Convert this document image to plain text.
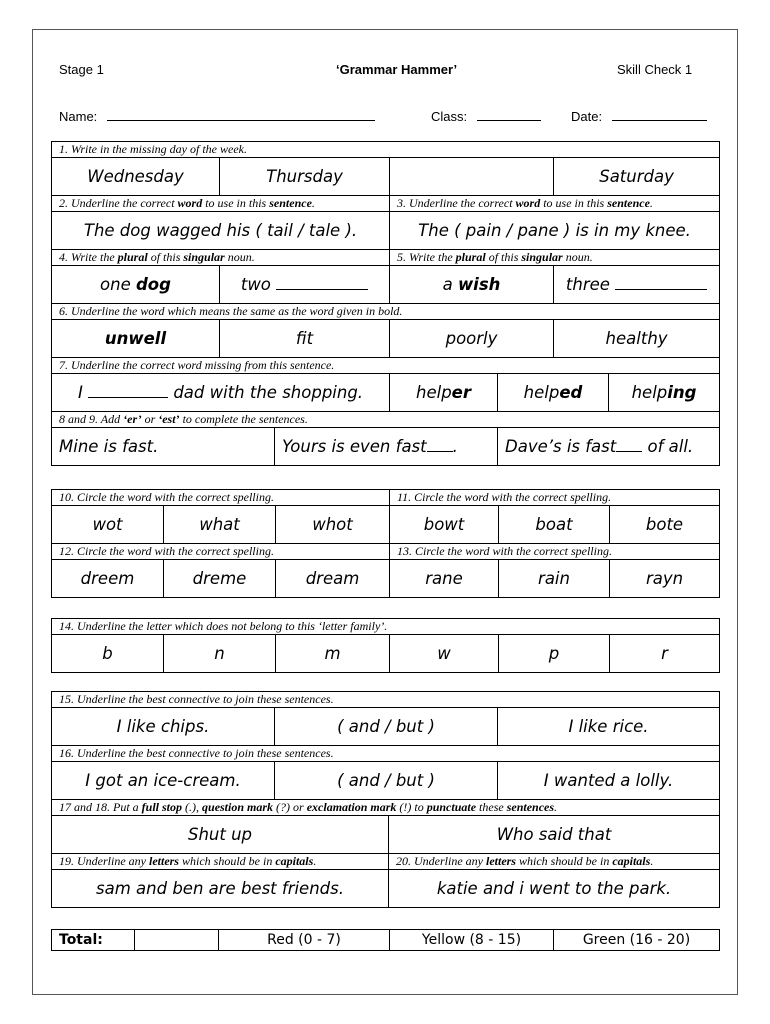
Stage 1	‘Grammar Hammer’	Skill Check 1
Name:	Class:	Date:
1. Write in the missing day of the week.						
Wednesday	Thursday				Saturday	
2. Underline the correct word to use in this sentence.			3. Underline the correct word to use in this sentence.			
The dog wagged his ( tail / tale ).			The ( pain / pane ) is in my knee.			
4. Write the plural of this singular noun.			5. Write the plural of this singular noun.			
one dog	two		a wish		three	
6. Underline the word which means the same as the word given in bold.						
unwell	fit		poorly		healthy	
7. Underline the correct word missing from this sentence.						
I dad with the shopping.			helper	helped		helping
8 and 9. Add ‘er’ or ‘est’ to complete the sentences.						
Mine is fast.		Yours is even fast .		Dave’s is fast of all.		
10. Circle the word with the correct spelling.			11. Circle the word with the correct spelling.		
wot	what	whot	bowt	boat	bote
12. Circle the word with the correct spelling.			13. Circle the word with the correct spelling.		
dreem	dreme	dream	rane	rain	rayn
14. Underline the letter which does not belong to this ‘letter family’.
b	n	m	w	p	r
15. Underline the best connective to join these sentences.			
I like chips.	( and / but )		I like rice.
16. Underline the best connective to join these sentences.			
I got an ice-cream.	( and / but )		I wanted a lolly.
17 and 18. Put a full stop (.), question mark (?) or exclamation mark (!) to punctuate these sentences.			
Shut up		Who said that	
19. Underline any letters which should be in capitals.		20. Underline any letters which should be in capitals.	
sam and ben are best friends.		katie and i went to the park.	
Total:		Red (0 - 7)	Yellow (8 - 15)	Green (16 - 20)
